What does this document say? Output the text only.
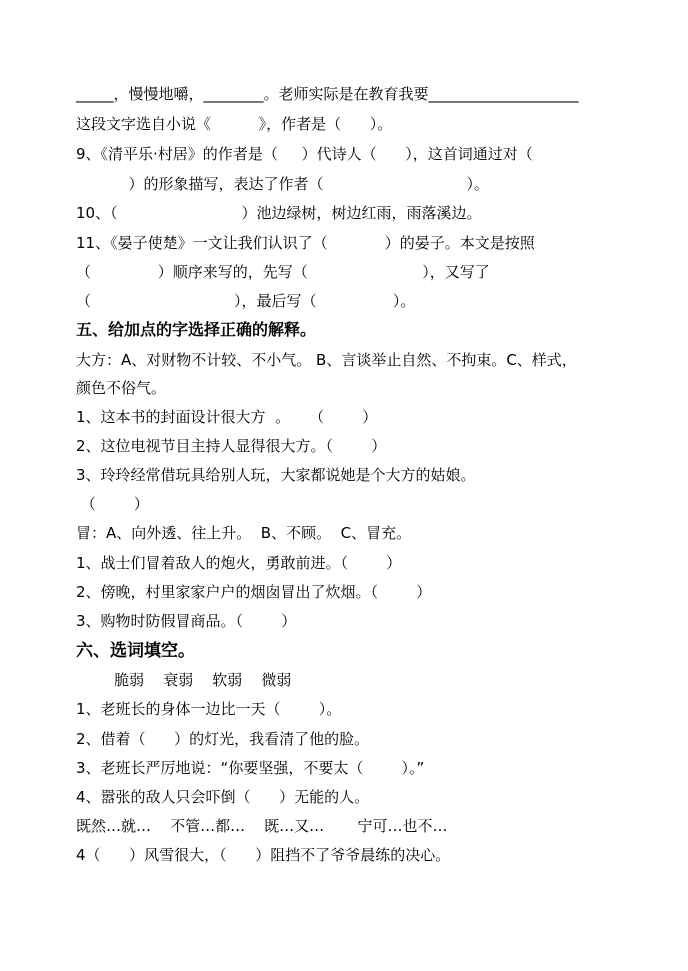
_____，慢慢地嚼，________。老师实际是在教育我要____________________
这段文字选自小说《          》，作者是（      ）。
9、《清平乐·村居》的作者是（     ）代诗人（      ），这首词通过对（
）的形象描写，表达了作者（                              ）。
10、（                          ）池边绿树，树边红雨，雨落溪边。
11、《晏子使楚》一文让我们认识了（            ）的晏子。本文是按照
（              ）顺序来写的，先写（                        ），又写了
（                              ），最后写（                ）。
五、给加点的字选择正确的解释。
大方：A、对财物不计较、不小气。 B、言谈举止自然、不拘束。C、样式，
颜色不俗气。
1、这本书的封面设计很大方  。    （        ）
2、这位电视节目主持人显得很大方。（        ）
3、玲玲经常借玩具给别人玩，大家都说她是个大方的姑娘。
（        ）
冒：A、向外透、往上升。  B、不顾。  C、冒充。
1、战士们冒着敌人的炮火，勇敢前进。（        ）
2、傍晚，村里家家户户的烟囱冒出了炊烟。（        ）
3、购物时防假冒商品。（        ）
六、选词填空。
脆弱    衰弱    软弱    微弱
1、老班长的身体一边比一天（        ）。
2、借着（      ）的灯光，我看清了他的脸。
3、老班长严厉地说：“你要坚强，不要太（        ）。”
4、嚣张的敌人只会吓倒（      ）无能的人。
既然…就…    不管…都…    既…又…       宁可…也不…
4（      ）风雪很大，（      ）阻挡不了爷爷晨练的决心。
